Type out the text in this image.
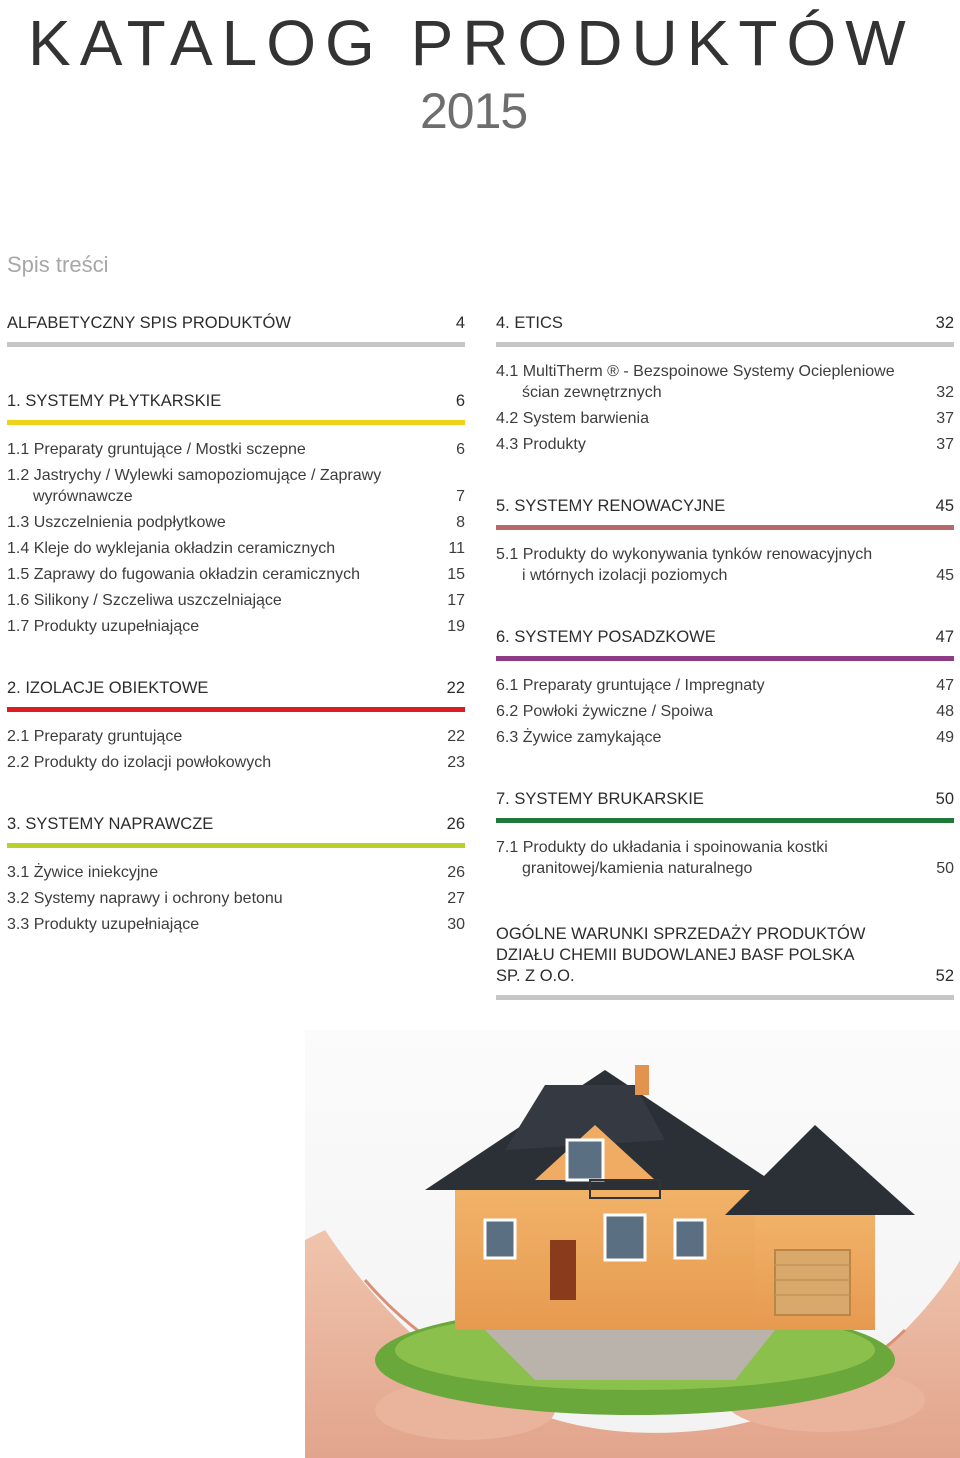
KATALOG PRODUKTÓW
2015
Spis treści
ALFABETYCZNY SPIS PRODUKTÓW	4
1. SYSTEMY PŁYTKARSKIE	6
1.1 Preparaty gruntujące / Mostki sczepne	6
1.2 Jastrychy / Wylewki samopoziomujące / Zaprawy
wyrównawcze	7
1.3 Uszczelnienia podpłytkowe	8
1.4 Kleje do wyklejania okładzin ceramicznych	11
1.5 Zaprawy do fugowania okładzin ceramicznych	15
1.6 Silikony / Szczeliwa uszczelniające	17
1.7 Produkty uzupełniające	19
2. IZOLACJE OBIEKTOWE	22
2.1 Preparaty gruntujące	22
2.2 Produkty do izolacji powłokowych	23
3. SYSTEMY NAPRAWCZE	26
3.1 Żywice iniekcyjne	26
3.2 Systemy naprawy i ochrony betonu	27
3.3 Produkty uzupełniające	30
4. ETICS	32
4.1 MultiTherm ® - Bezspoinowe Systemy Ociepleniowe
ścian zewnętrznych	32
4.2 System barwienia	37
4.3 Produkty	37
5. SYSTEMY RENOWACYJNE	45
5.1 Produkty do wykonywania tynków renowacyjnych
i wtórnych izolacji poziomych	45
6. SYSTEMY POSADZKOWE	47
6.1 Preparaty gruntujące / Impregnaty	47
6.2 Powłoki żywiczne / Spoiwa	48
6.3 Żywice zamykające	49
7. SYSTEMY BRUKARSKIE	50
7.1 Produkty do układania i spoinowania kostki
granitowej/kamienia naturalnego	50
OGÓLNE WARUNKI SPRZEDAŻY PRODUKTÓW
DZIAŁU CHEMII BUDOWLANEJ BASF POLSKA
SP. Z O.O.	52
